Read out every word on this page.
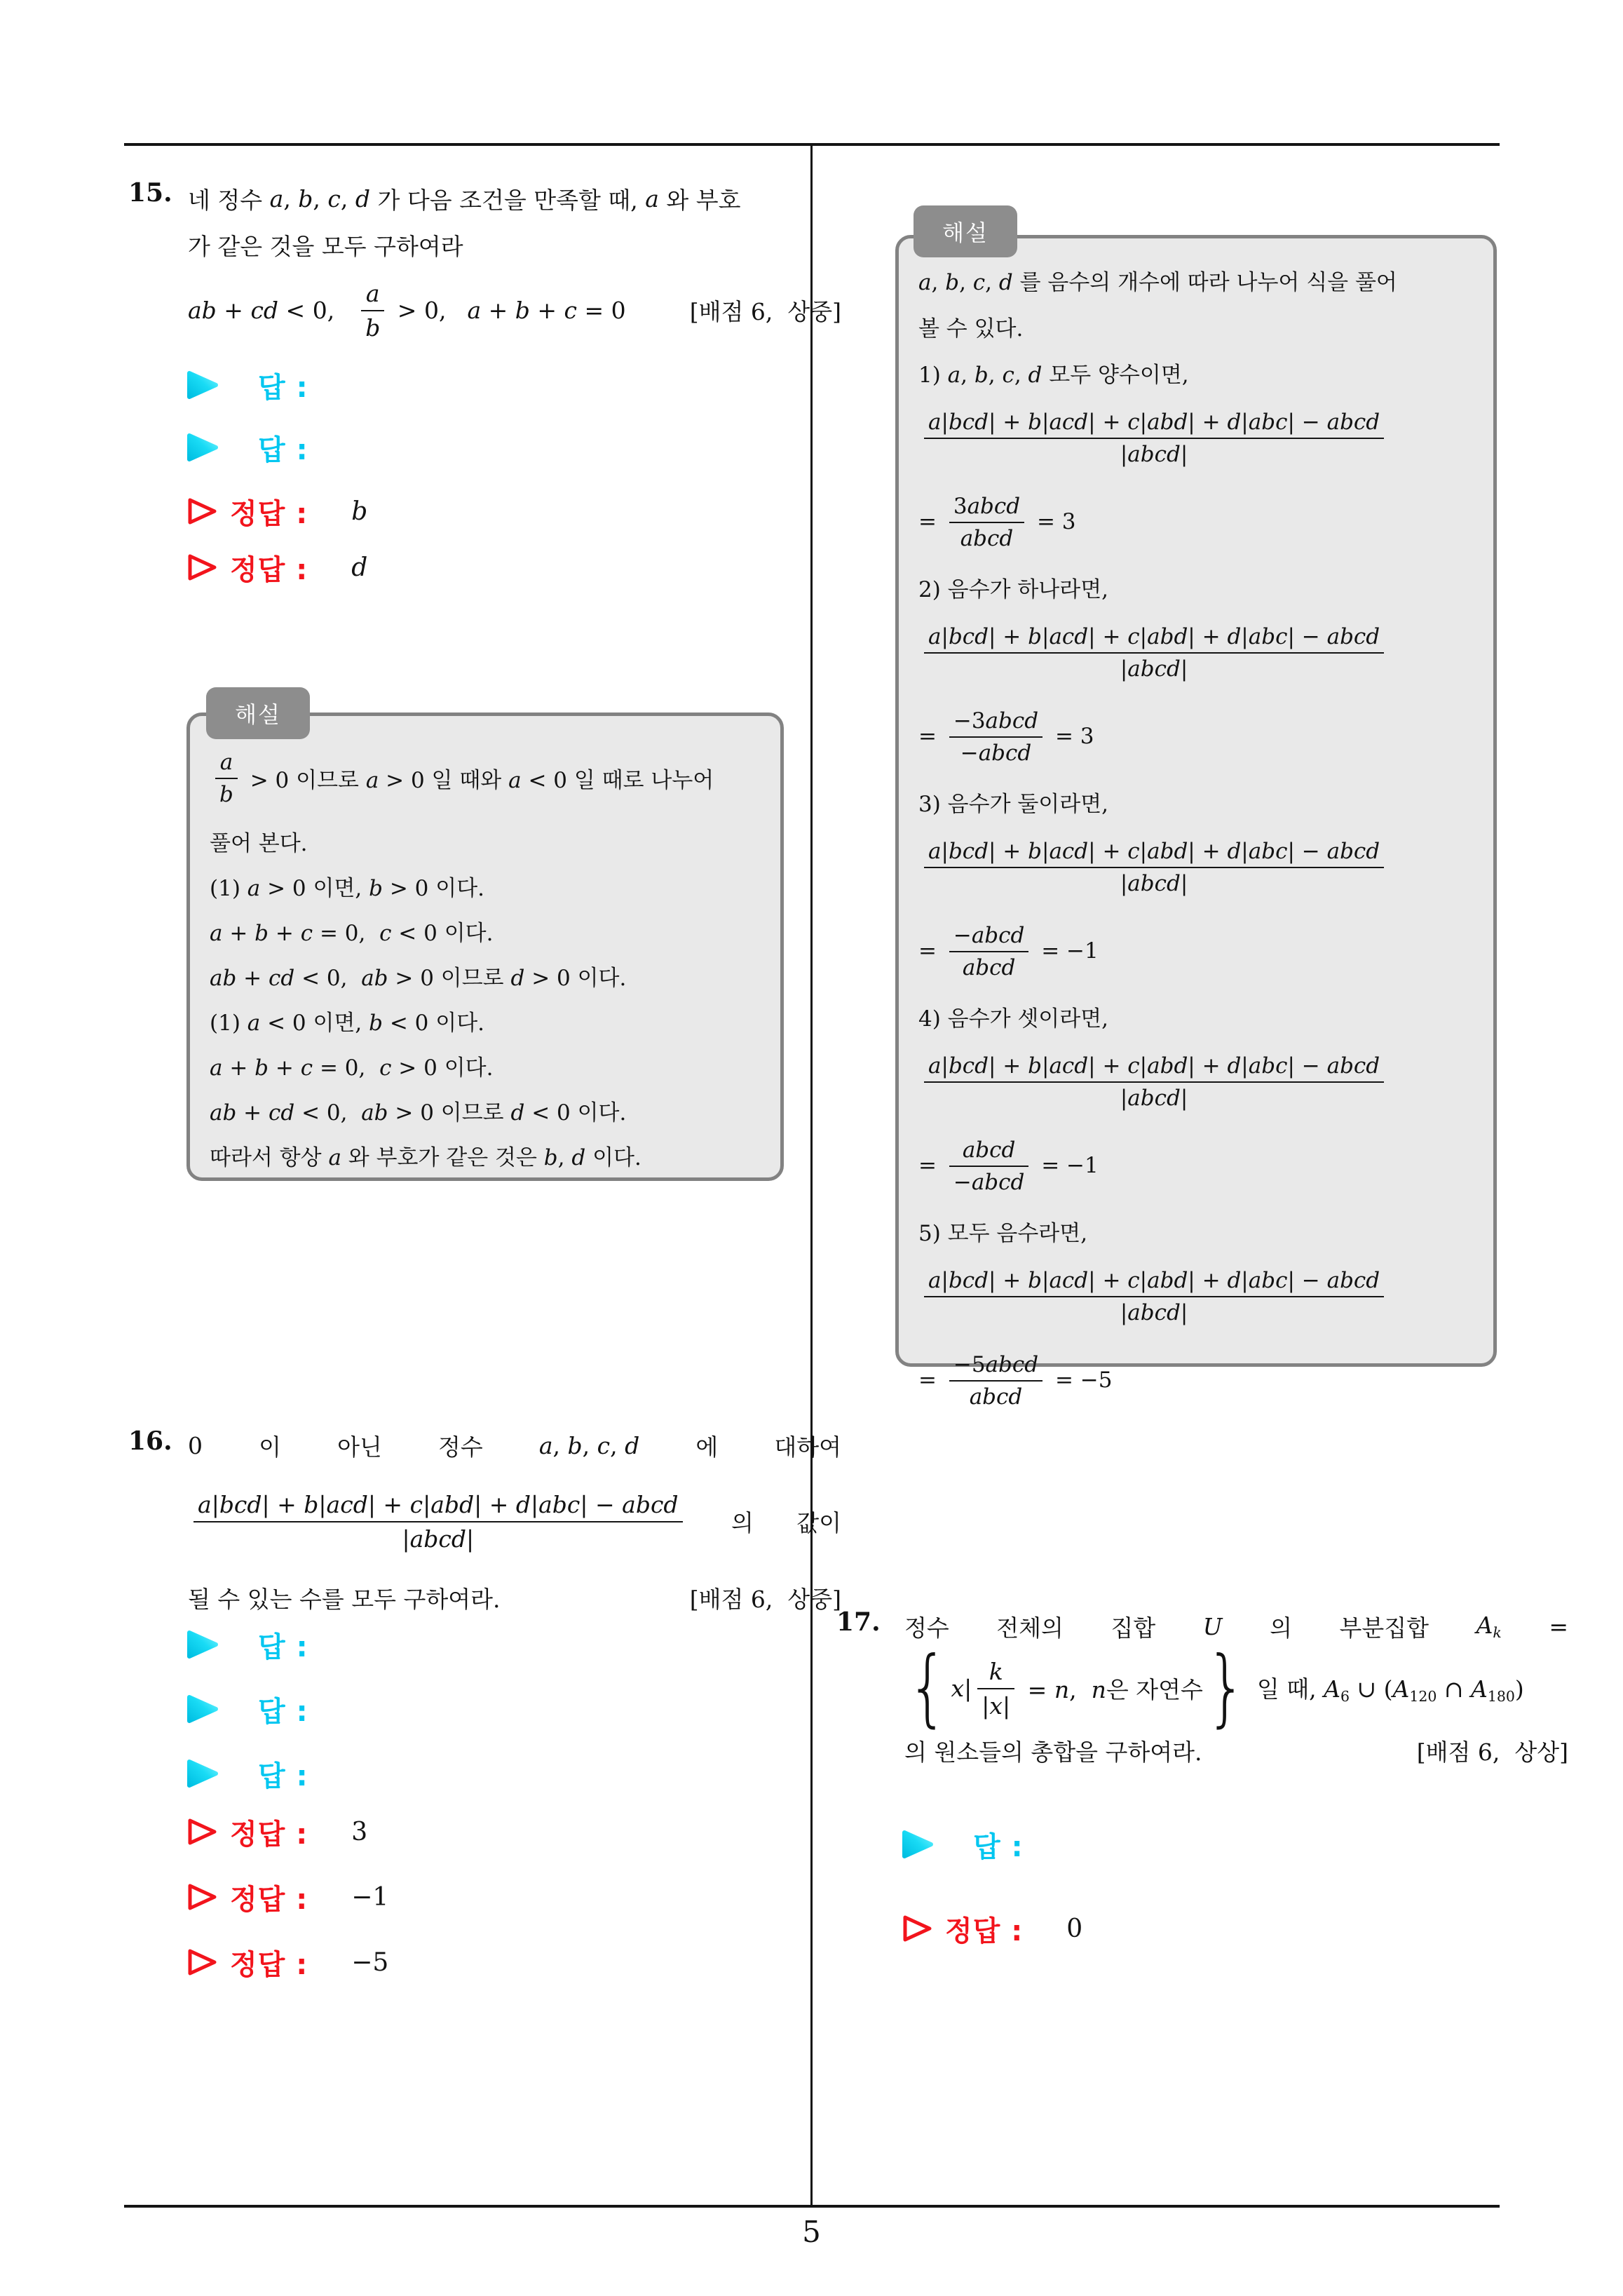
5
15. 네 정수 a , b , c , d 가 다음 조건을 만족할 때, a 와 부호
가 같은 것을 모두 구하여라
ab + cd < 0, $\frac{a}{b} > 0$, a + b + c = 0	[배점 6,  상중]
답 :
답 :
정답 : b
정답 : d
해설
$\frac{a}{b} > 0$ 이므로 a > 0 일 때와 a < 0 일 때로 나누어
풀어 본다.
(1) a > 0 이면, b > 0 이다.
a + b + c = 0,  c < 0 이다.
ab + cd < 0,  ab > 0 이므로 d > 0 이다.
(1) a < 0 이면, b < 0 이다.
a + b + c = 0,  c > 0 이다.
ab + cd < 0,  ab > 0 이므로 d < 0 이다.
따라서 항상 a 와 부호가 같은 것은 b, d 이다.
16. 0 이 아닌 정수 a, b, c, d 에 대하여
$\frac{\text{a|bcd| + b|acd| + c|abd| + d|abc| − abcd}}{\text{|abcd|}}$ 의 값이
될 수 있는 수를 모두 구하여라.	[배점 6,  상중]
답 :
답 :
답 :
정답 : 3
정답 : −1
정답 : −5
해설
a, b, c, d 를 음수의 개수에 따라 나누어 식을 풀어
볼 수 있다.
1) a, b, c, d 모두 양수이면,
$\frac{\text{a|bcd| + b|acd| + c|abd| + d|abc| − abcd}}{\text{|abcd|}}$
= $\frac{\text{3abcd}}{\text{abcd}} = 3$
2) 음수가 하나라면,
$\frac{\text{a|bcd| + b|acd| + c|abd| + d|abc| − abcd}}{\text{|abcd|}}$
= $\frac{\text{−3abcd}}{\text{−abcd}} = 3$
3) 음수가 둘이라면,
$\frac{\text{a|bcd| + b|acd| + c|abd| + d|abc| − abcd}}{\text{|abcd|}}$
= $\frac{\text{−abcd}}{\text{abcd}} = -1$
4) 음수가 셋이라면,
$\frac{\text{a|bcd| + b|acd| + c|abd| + d|abc| − abcd}}{\text{|abcd|}}$
= $\frac{\text{abcd}}{\text{−abcd}} = -1$
5) 모두 음수라면,
$\frac{\text{a|bcd| + b|acd| + c|abd| + d|abc| − abcd}}{\text{|abcd|}}$
= $\frac{\text{−5abcd}}{\text{abcd}} = -5$
17. 정수 전체의 집합 U 의 부분집합 $A_k$ =
{ $x| \frac{k}{|x|} = n$,  n은 자연수 } 일 때, $A_6$ ∪ ($A_{120}$ ∩ $A_{180}$)
의 원소들의 총합을 구하여라.	[배점 6,  상상]
답 :
정답 : 0
